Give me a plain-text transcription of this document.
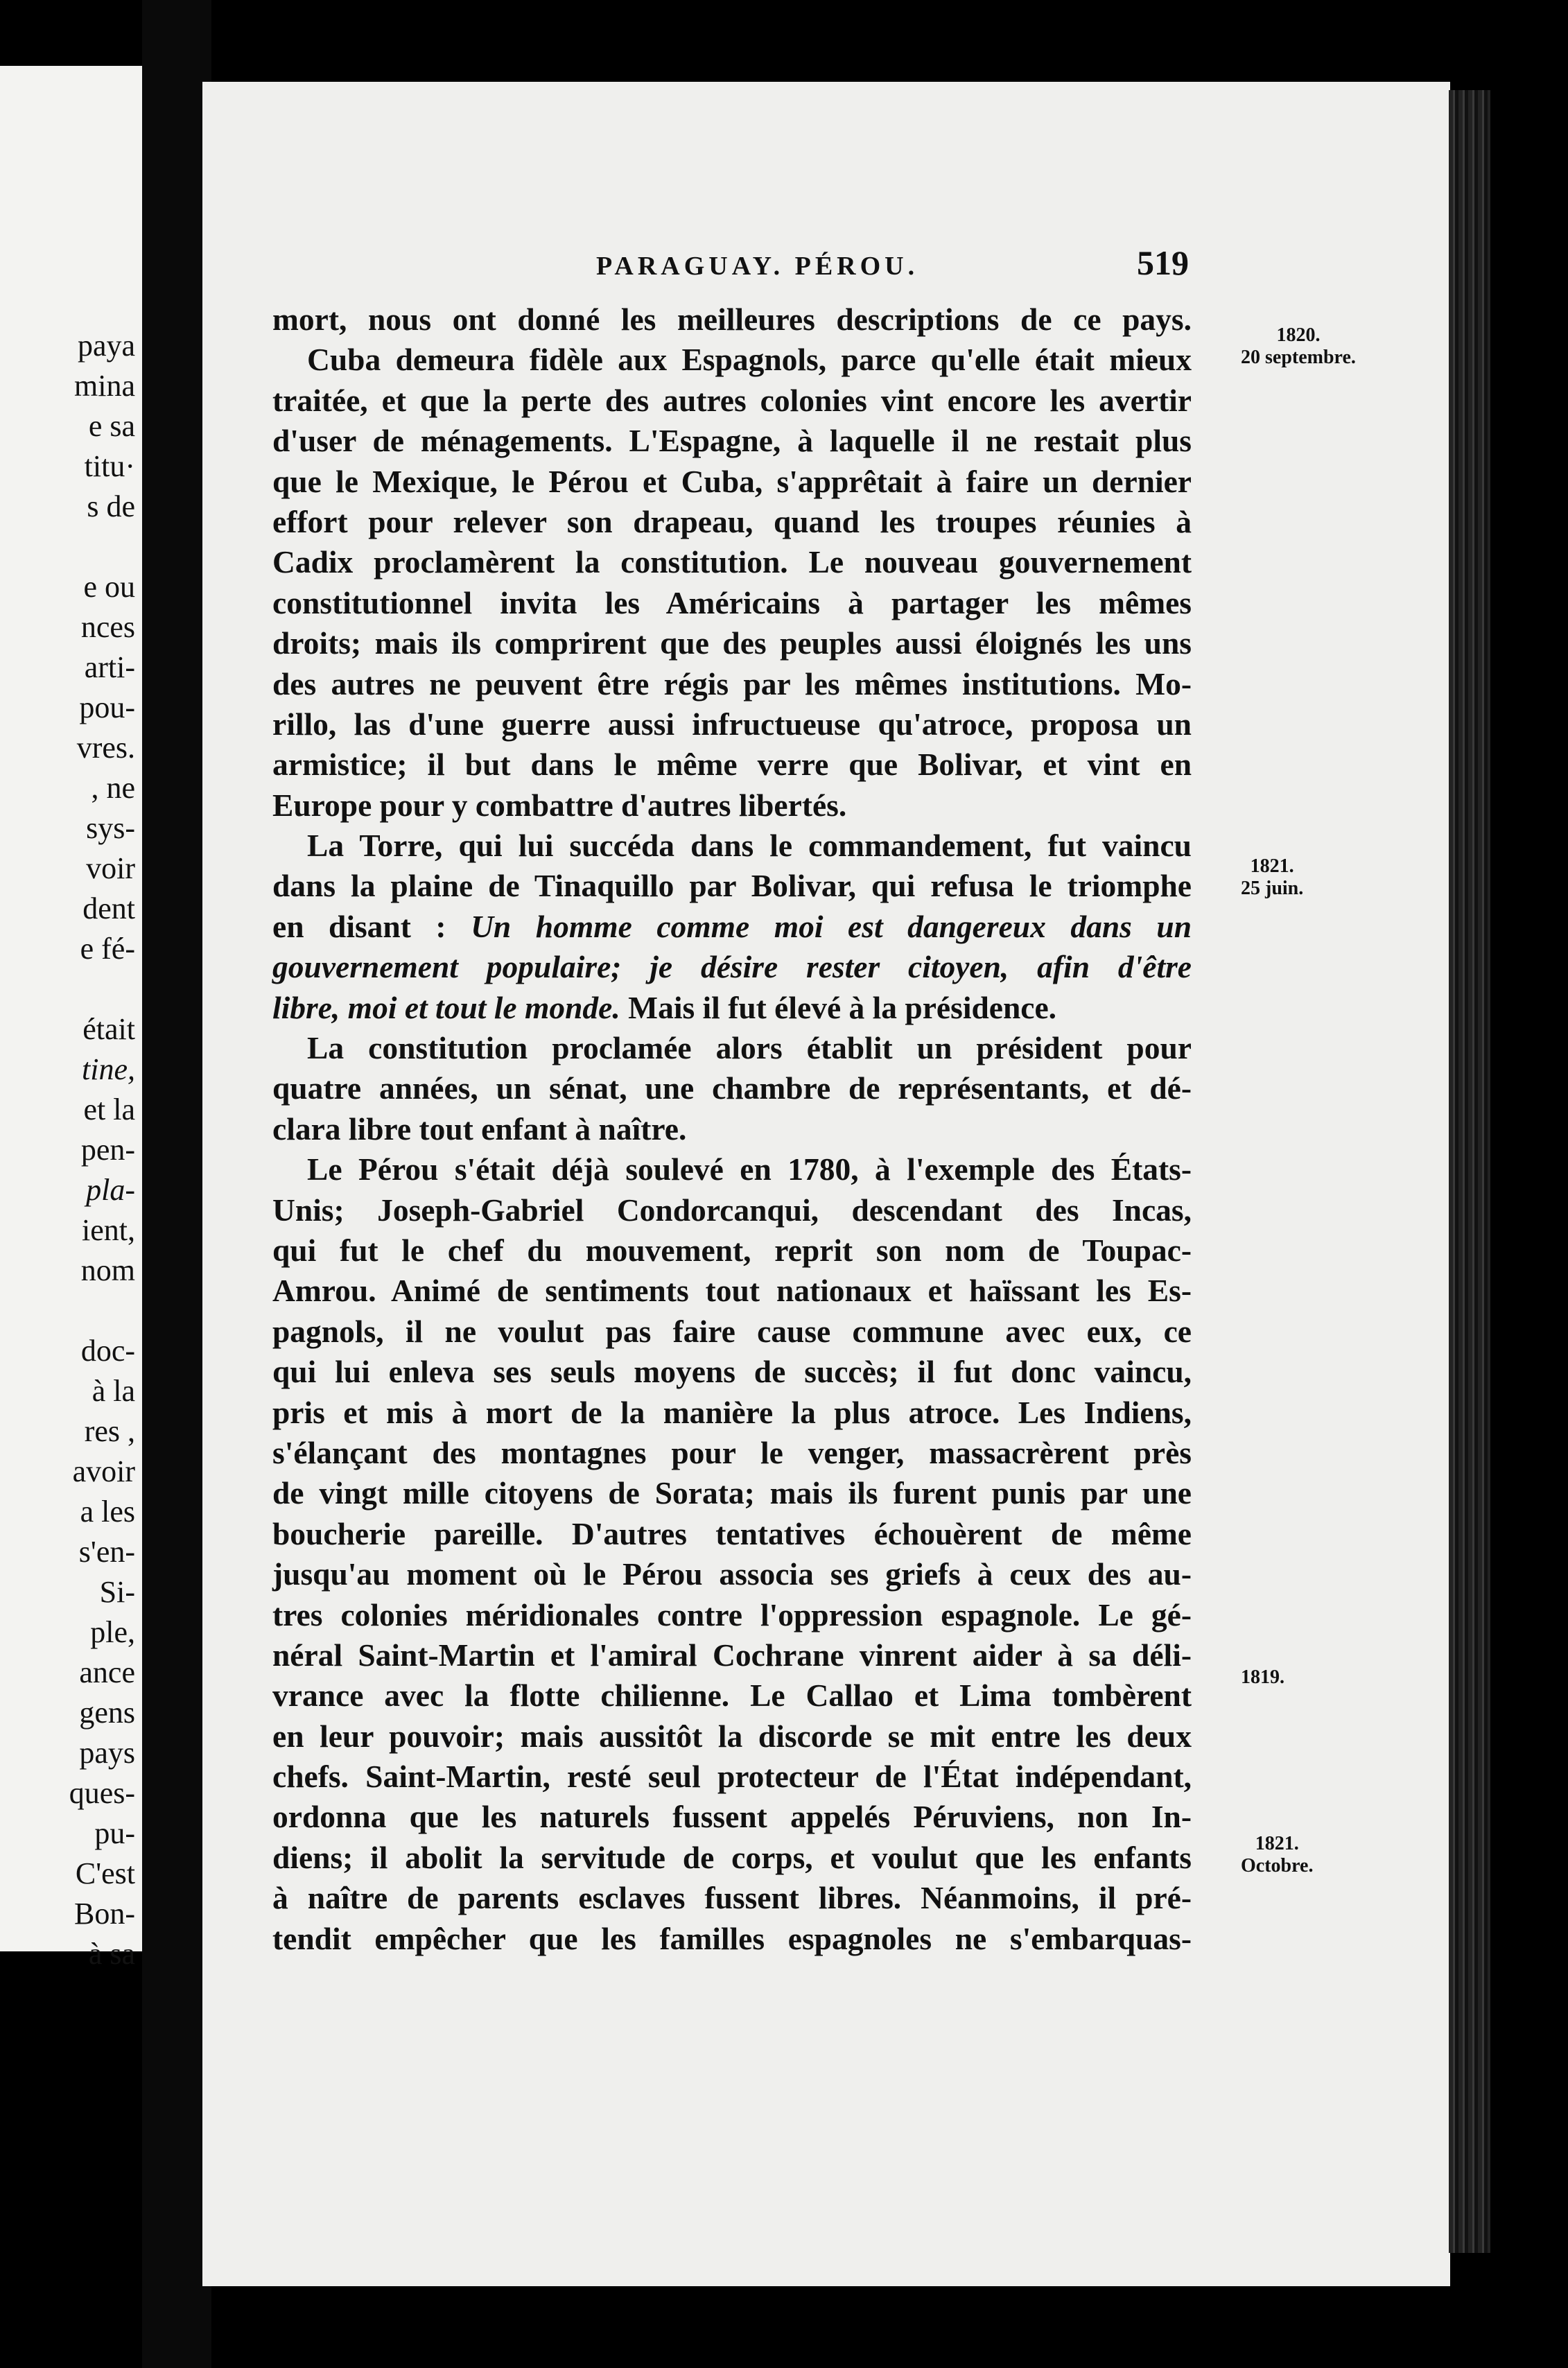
paya
mina
e sa
titu·
s de
e ou
nces
arti-
pou-
vres.
, ne
sys-
voir
dent
e fé-
était
tine,
et la
pen-
pla-
ient,
nom
doc-
à la
res ,
avoir
a les
s'en-
Si-
ple,
ance
gens
pays
ques-
pu-
C'est
Bon-
à sa
PARAGUAY. PÉROU.	519
mort, nous ont donné les meilleures descriptions de ce pays.
Cuba demeura fidèle aux Espagnols, parce qu'elle était mieux
traitée, et que la perte des autres colonies vint encore les avertir
d'user de ménagements. L'Espagne, à laquelle il ne restait plus
que le Mexique, le Pérou et Cuba, s'apprêtait à faire un dernier
effort pour relever son drapeau, quand les troupes réunies à
Cadix proclamèrent la constitution. Le nouveau gouvernement
constitutionnel invita les Américains à partager les mêmes
droits; mais ils comprirent que des peuples aussi éloignés les uns
des autres ne peuvent être régis par les mêmes institutions. Mo-
rillo, las d'une guerre aussi infructueuse qu'atroce, proposa un
armistice; il but dans le même verre que Bolivar, et vint en
Europe pour y combattre d'autres libertés.
La Torre, qui lui succéda dans le commandement, fut vaincu
dans la plaine de Tinaquillo par Bolivar, qui refusa le triomphe
en disant : Un homme comme moi est dangereux dans un
gouvernement populaire; je désire rester citoyen, afin d'être
libre, moi et tout le monde. Mais il fut élevé à la présidence.
La constitution proclamée alors établit un président pour
quatre années, un sénat, une chambre de représentants, et dé-
clara libre tout enfant à naître.
Le Pérou s'était déjà soulevé en 1780, à l'exemple des États-
Unis; Joseph-Gabriel Condorcanqui, descendant des Incas,
qui fut le chef du mouvement, reprit son nom de Toupac-
Amrou. Animé de sentiments tout nationaux et haïssant les Es-
pagnols, il ne voulut pas faire cause commune avec eux, ce
qui lui enleva ses seuls moyens de succès; il fut donc vaincu,
pris et mis à mort de la manière la plus atroce. Les Indiens,
s'élançant des montagnes pour le venger, massacrèrent près
de vingt mille citoyens de Sorata; mais ils furent punis par une
boucherie pareille. D'autres tentatives échouèrent de même
jusqu'au moment où le Pérou associa ses griefs à ceux des au-
tres colonies méridionales contre l'oppression espagnole. Le gé-
néral Saint-Martin et l'amiral Cochrane vinrent aider à sa déli-
vrance avec la flotte chilienne. Le Callao et Lima tombèrent
en leur pouvoir; mais aussitôt la discorde se mit entre les deux
chefs. Saint-Martin, resté seul protecteur de l'État indépendant,
ordonna que les naturels fussent appelés Péruviens, non In-
diens; il abolit la servitude de corps, et voulut que les enfants
à naître de parents esclaves fussent libres. Néanmoins, il pré-
tendit empêcher que les familles espagnoles ne s'embarquas-
1820.
20 septembre.
1821.
25 juin.
1819.
1821.
Octobre.
